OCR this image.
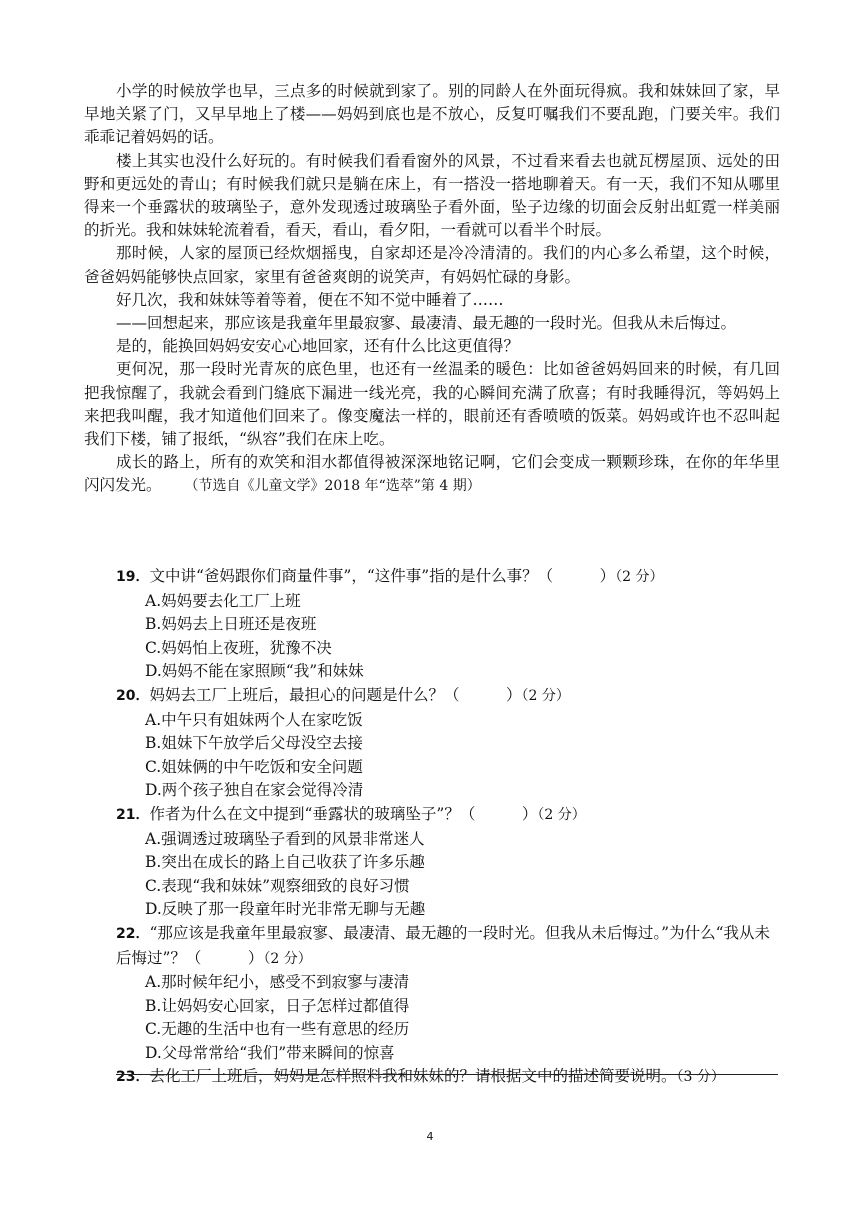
小学的时候放学也早，三点多的时候就到家了。别的同龄人在外面玩得疯。我和妹妹回了家，早早地关紧了门，又早早地上了楼——妈妈到底也是不放心，反复叮嘱我们不要乱跑，门要关牢。我们乖乖记着妈妈的话。

楼上其实也没什么好玩的。有时候我们看看窗外的风景，不过看来看去也就瓦楞屋顶、远处的田野和更远处的青山；有时候我们就只是躺在床上，有一搭没一搭地聊着天。有一天，我们不知从哪里得来一个垂露状的玻璃坠子，意外发现透过玻璃坠子看外面，坠子边缘的切面会反射出虹霓一样美丽的折光。我和妹妹轮流着看，看天，看山，看夕阳，一看就可以看半个时辰。

那时候，人家的屋顶已经炊烟摇曳，自家却还是冷冷清清的。我们的内心多么希望，这个时候，爸爸妈妈能够快点回家，家里有爸爸爽朗的说笑声，有妈妈忙碌的身影。

好几次，我和妹妹等着等着，便在不知不觉中睡着了……

——回想起来，那应该是我童年里最寂寥、最凄清、最无趣的一段时光。但我从未后悔过。

是的，能换回妈妈安安心心地回家，还有什么比这更值得？

更何况，那一段时光青灰的底色里，也还有一丝温柔的暖色：比如爸爸妈妈回来的时候，有几回把我惊醒了，我就会看到门缝底下漏进一线光亮，我的心瞬间充满了欣喜；有时我睡得沉，等妈妈上来把我叫醒，我才知道他们回来了。像变魔法一样的，眼前还有香喷喷的饭菜。妈妈或许也不忍叫起我们下楼，铺了报纸，“纵容”我们在床上吃。

成长的路上，所有的欢笑和泪水都值得被深深地铭记啊，它们会变成一颗颗珍珠，在你的年华里闪闪发光。 （节选自《儿童文学》2018 年“选萃”第 4 期）

19．文中讲“爸妈跟你们商量件事”，“这件事”指的是什么事？（　　　）（2 分）

A.妈妈要去化工厂上班
B.妈妈去上日班还是夜班
C.妈妈怕上夜班，犹豫不决
D.妈妈不能在家照顾“我”和妹妹

20．妈妈去工厂上班后，最担心的问题是什么？（　　　）（2 分）

A.中午只有姐妹两个人在家吃饭
B.姐妹下午放学后父母没空去接
C.姐妹俩的中午吃饭和安全问题
D.两个孩子独自在家会觉得冷清

21．作者为什么在文中提到“垂露状的玻璃坠子”？（　　　）（2 分）

A.强调透过玻璃坠子看到的风景非常迷人
B.突出在成长的路上自己收获了许多乐趣
C.表现“我和妹妹”观察细致的良好习惯
D.反映了那一段童年时光非常无聊与无趣

22．“那应该是我童年里最寂寥、最凄清、最无趣的一段时光。但我从未后悔过。”为什么“我从未后悔过”？（　　　）（2 分）

A.那时候年纪小，感受不到寂寥与凄清
B.让妈妈安心回家，日子怎样过都值得
C.无趣的生活中也有一些有意思的经历
D.父母常常给“我们”带来瞬间的惊喜

23．去化工厂上班后，妈妈是怎样照料我和妹妹的？请根据文中的描述简要说明。（3 分）

4
